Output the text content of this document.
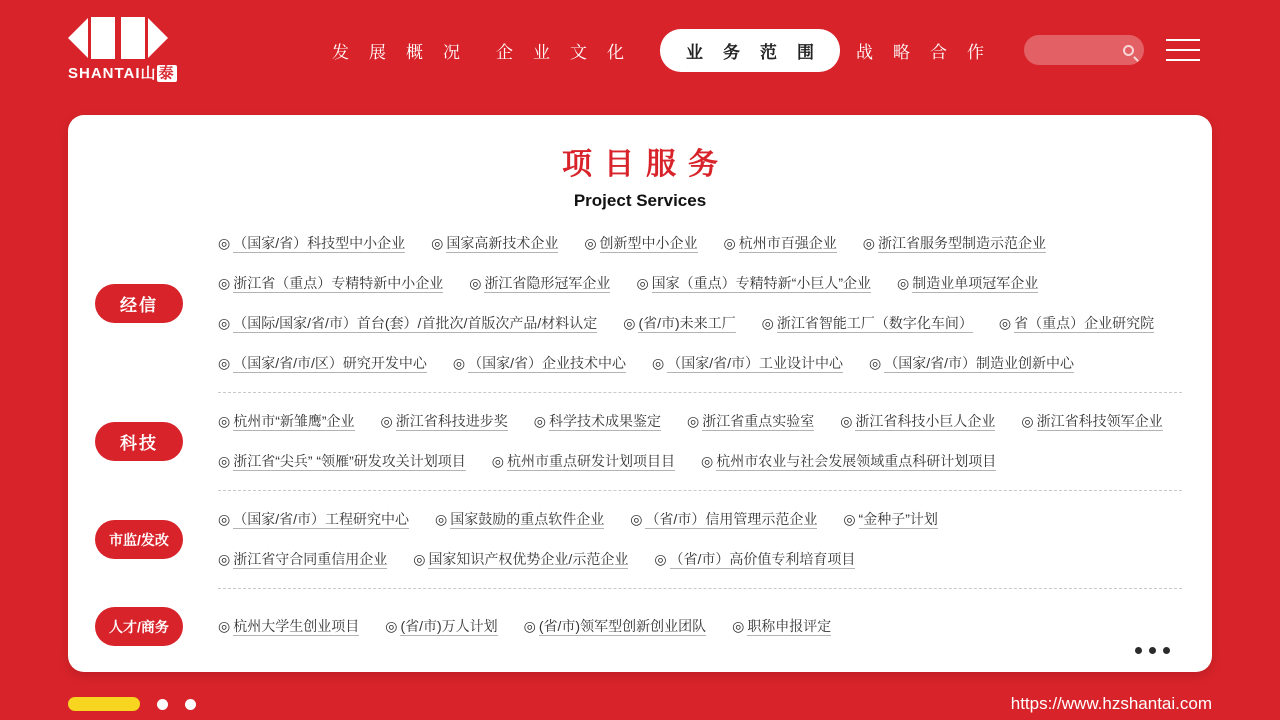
SHANTAI山 泰
发展概况 企业文化	业务范围	战略合作
项目服务
Project Services
经信
◎ （国家/省）科技型中小企业 ◎ 国家高新技术企业 ◎ 创新型中小企业 ◎ 杭州市百强企业 ◎ 浙江省服务型制造示范企业
◎ 浙江省（重点）专精特新中小企业 ◎ 浙江省隐形冠军企业 ◎ 国家（重点）专精特新“小巨人”企业 ◎ 制造业单项冠军企业
◎ （国际/国家/省/市）首台(套）/首批次/首版次产品/材料认定 ◎ (省/市)未来工厂 ◎ 浙江省智能工厂（数字化车间） ◎ 省（重点）企业研究院
◎ （国家/省/市/区）研究开发中心 ◎ （国家/省）企业技术中心 ◎ （国家/省/市）工业设计中心 ◎ （国家/省/市）制造业创新中心
科技
◎ 杭州市“新雏鹰”企业 ◎ 浙江省科技进步奖 ◎ 科学技术成果鉴定 ◎ 浙江省重点实验室 ◎ 浙江省科技小巨人企业 ◎ 浙江省科技领军企业
◎ 浙江省“尖兵” “领雁”研发攻关计划项目 ◎ 杭州市重点研发计划项目目 ◎ 杭州市农业与社会发展领域重点科研计划项目
市监/发改
◎ （国家/省/市）工程研究中心 ◎ 国家鼓励的重点软件企业 ◎ （省/市）信用管理示范企业 ◎ “金种子”计划
◎ 浙江省守合同重信用企业 ◎ 国家知识产权优势企业/示范企业 ◎ （省/市）高价值专利培育项目
人才/商务	◎ 杭州大学生创业项目 ◎ (省/市)万人计划 ◎ (省/市)领军型创新创业团队 ◎ 职称申报评定
https://www.hzshantai.com
